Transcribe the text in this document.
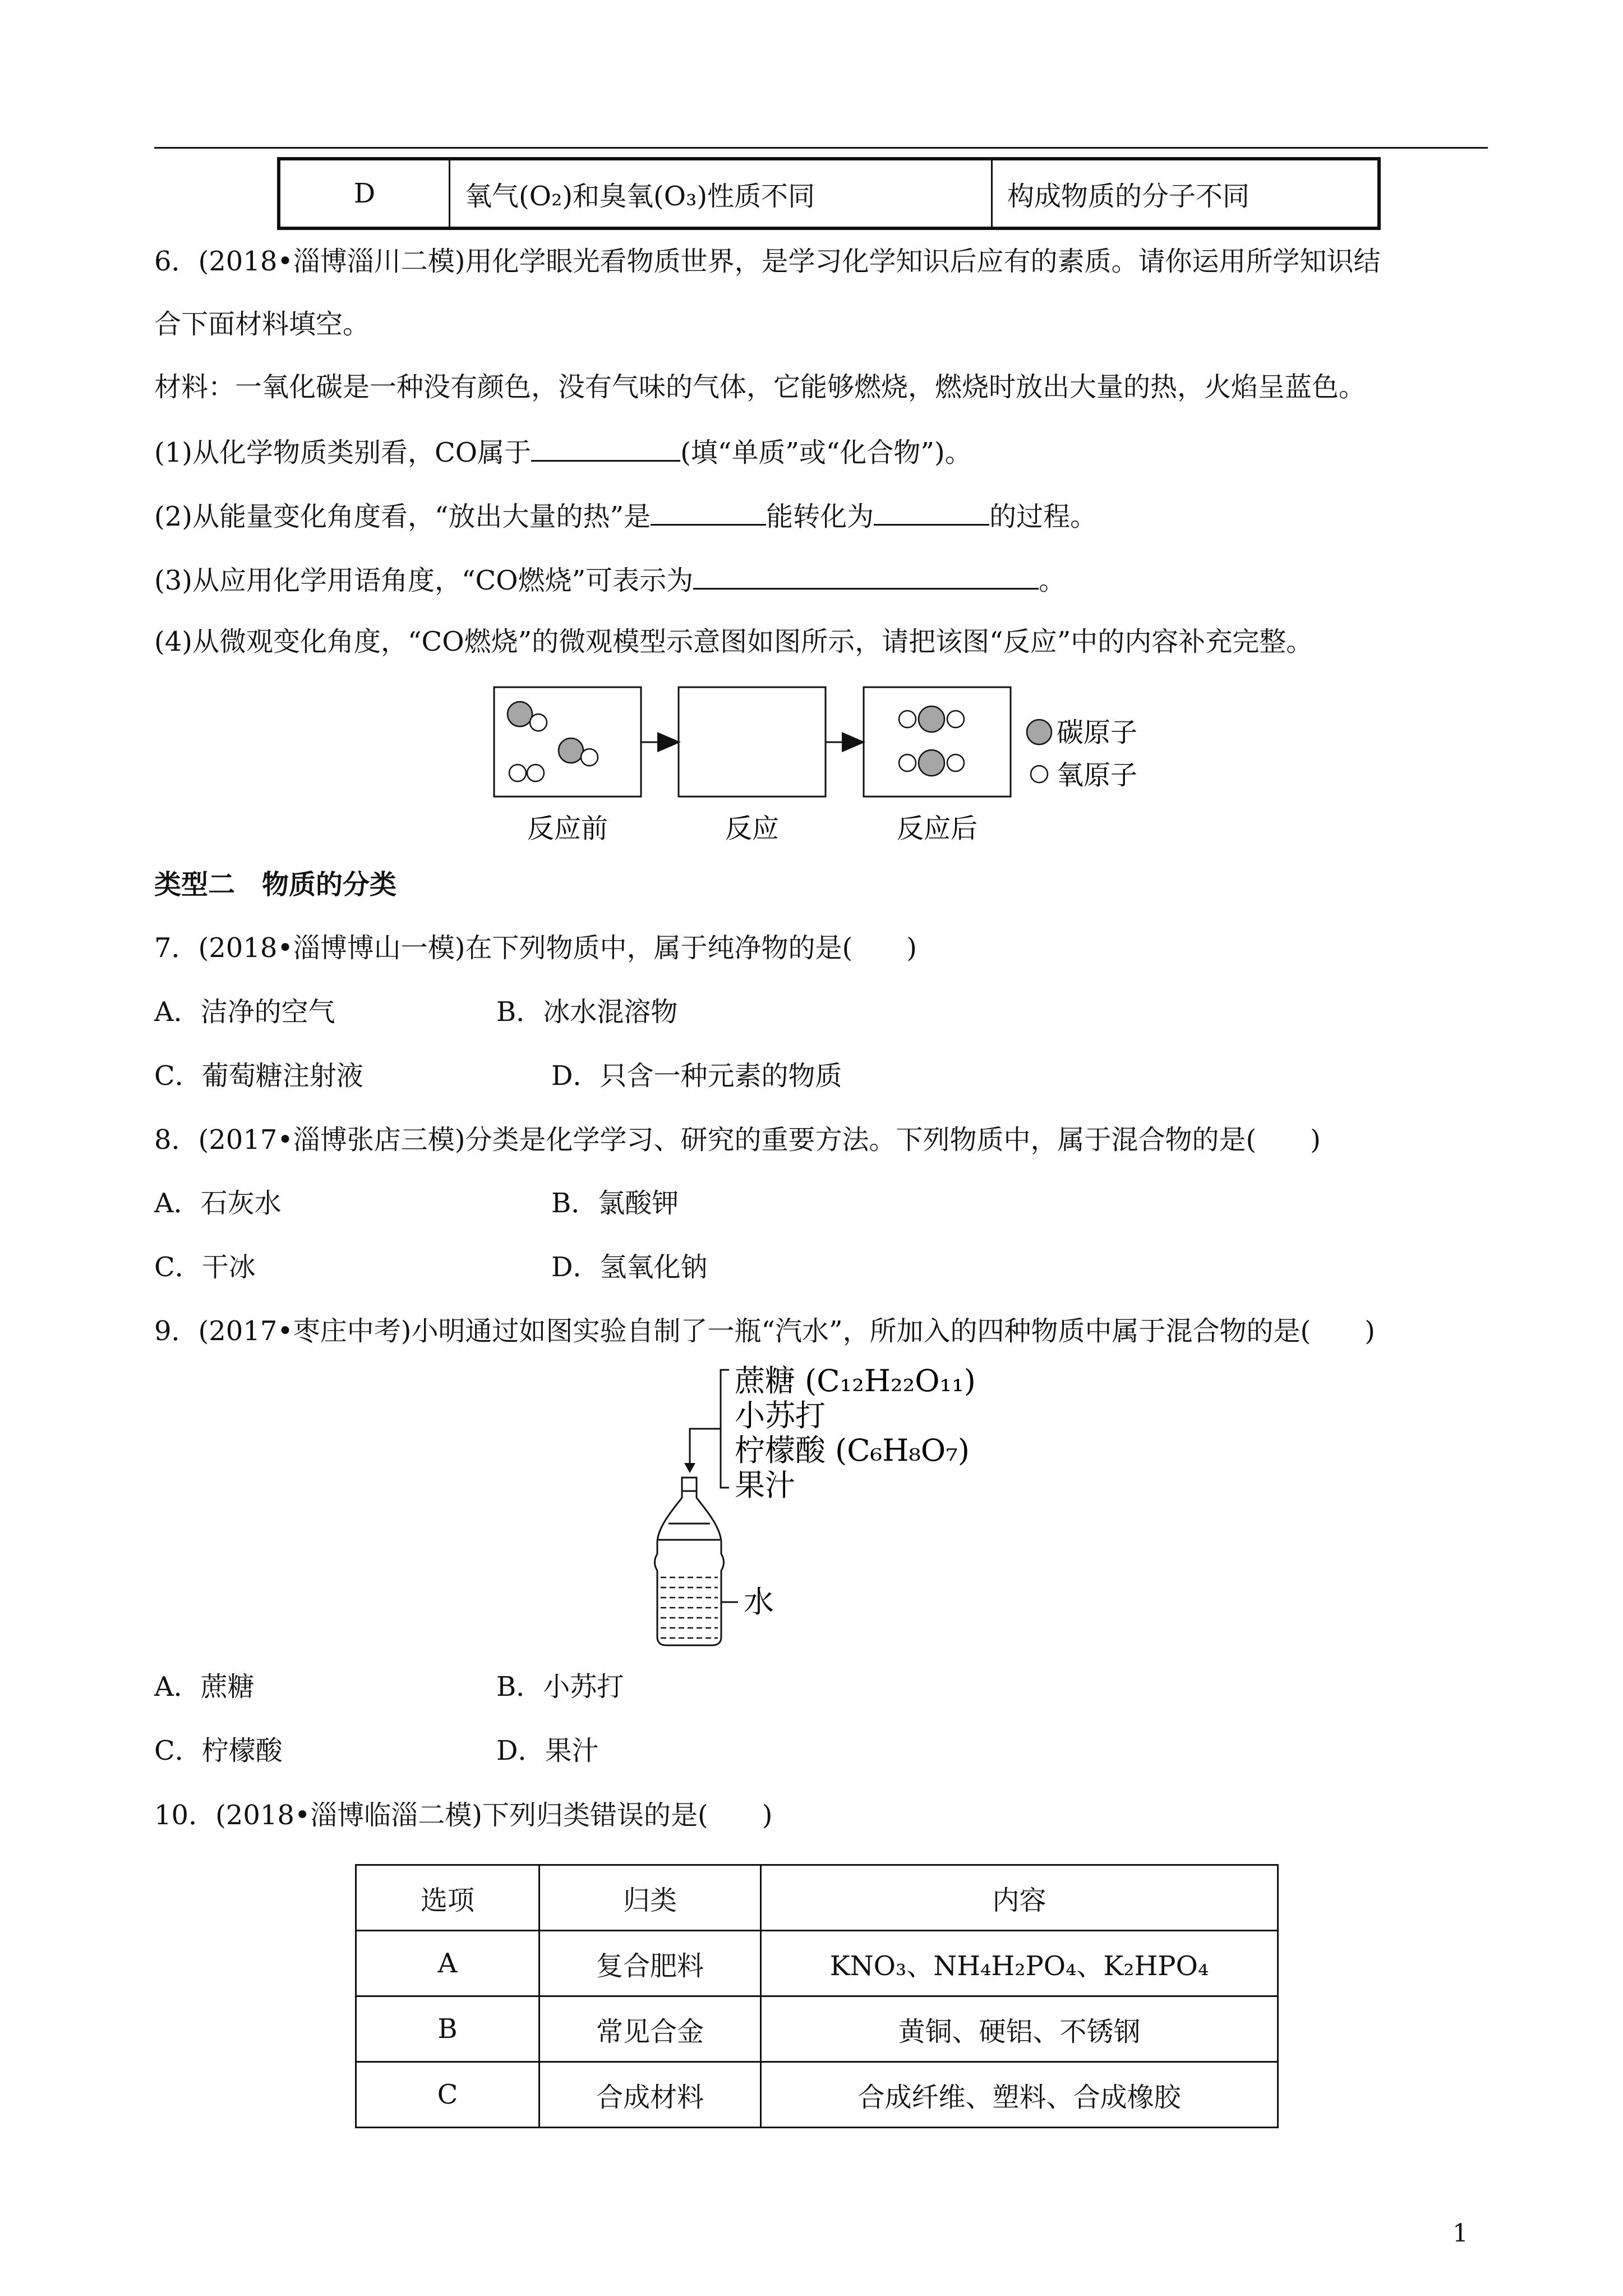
D	氧气(O₂)和臭氧(O₃)性质不同	构成物质的分子不同
6．(2018•淄博淄川二模)用化学眼光看物质世界，是学习化学知识后应有的素质。请你运用所学知识结
合下面材料填空。
材料：一氧化碳是一种没有颜色，没有气味的气体，它能够燃烧，燃烧时放出大量的热，火焰呈蓝色。
(1)从化学物质类别看，CO属于	(填“单质”或“化合物”)。
(2)从能量变化角度看，“放出大量的热”是	能转化为	的过程。
(3)从应用化学用语角度，“CO燃烧”可表示为	。
(4)从微观变化角度，“CO燃烧”的微观模型示意图如图所示，请把该图“反应”中的内容补充完整。
碳原子
氧原子
反应前	反应	反应后
类型二　物质的分类
7．(2018•淄博博山一模)在下列物质中，属于纯净物的是(　　)
A．洁净的空气	B．冰水混溶物
C．葡萄糖注射液	D．只含一种元素的物质
8．(2017•淄博张店三模)分类是化学学习、研究的重要方法。下列物质中，属于混合物的是(　　)
A．石灰水	B．氯酸钾
C．干冰	D．氢氧化钠
9．(2017•枣庄中考)小明通过如图实验自制了一瓶“汽水”，所加入的四种物质中属于混合物的是(　　)
蔗糖 (C₁₂H₂₂O₁₁)
小苏打
柠檬酸 (C₆H₈O₇)
果汁
水
A．蔗糖	B．小苏打
C．柠檬酸	D．果汁
10．(2018•淄博临淄二模)下列归类错误的是(　　)
选项	归类	内容
A	复合肥料	KNO₃、NH₄H₂PO₄、K₂HPO₄
B	常见合金	黄铜、硬铝、不锈钢
C	合成材料	合成纤维、塑料、合成橡胶
1
